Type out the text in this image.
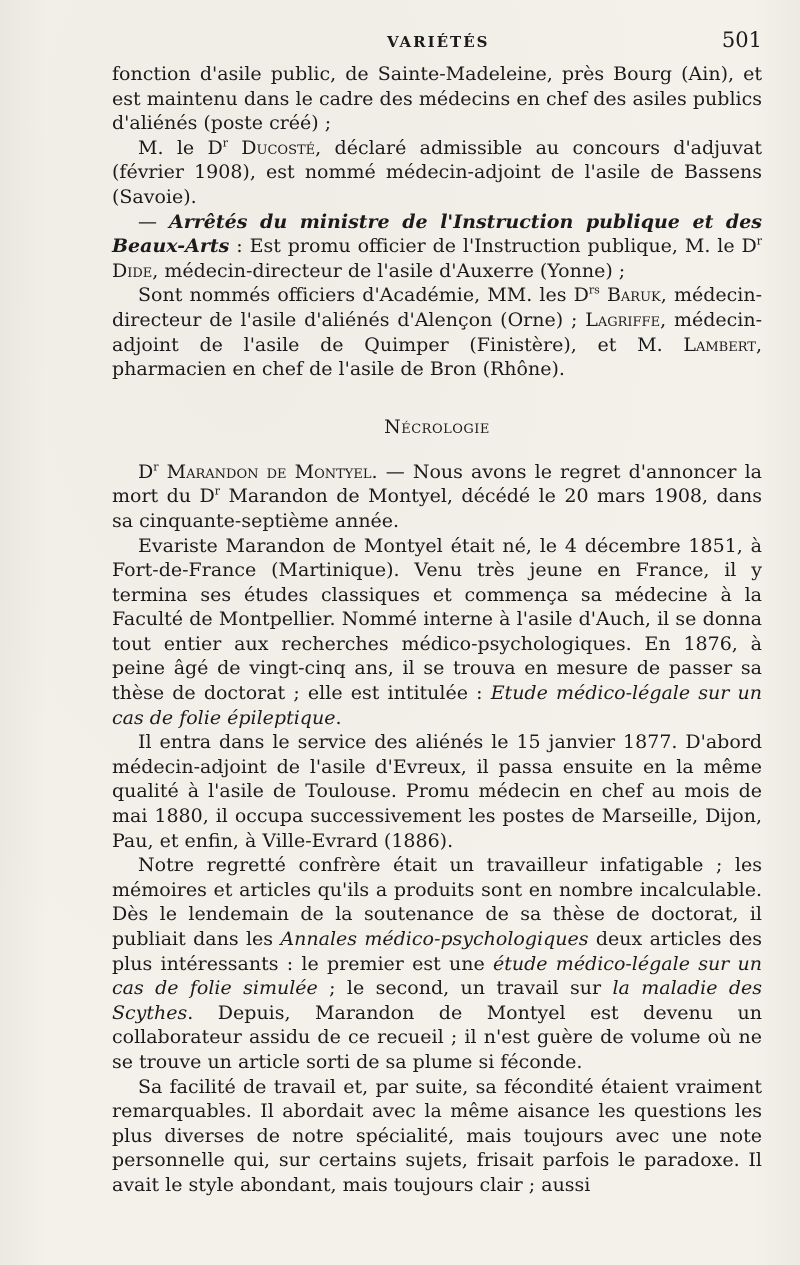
VARIÉTÉS	501

fonction d'asile public, de Sainte-Madeleine, près Bourg (Ain), et est maintenu dans le cadre des médecins en chef des asiles publics d'aliénés (poste créé) ;

M. le $D^r$ Ducosté, déclaré admissible au concours d'adjuvat (février 1908), est nommé médecin-adjoint de l'asile de Bassens (Savoie).

— Arrêtés du ministre de l'Instruction publique et des Beaux-Arts : Est promu officier de l'Instruction publique, M. le $D^r$ Dide, médecin-directeur de l'asile d'Auxerre (Yonne) ;

Sont nommés officiers d'Académie, MM. les $D^{rs}$ Baruk, médecin-directeur de l'asile d'aliénés d'Alençon (Orne) ; Lagriffe, médecin-adjoint de l'asile de Quimper (Finistère), et M. Lambert, pharmacien en chef de l'asile de Bron (Rhône).

Nécrologie

$D^r$ Marandon de Montyel. — Nous avons le regret d'annoncer la mort du $D^r$ Marandon de Montyel, décédé le 20 mars 1908, dans sa cinquante-septième année.

Evariste Marandon de Montyel était né, le 4 décembre 1851, à Fort-de-France (Martinique). Venu très jeune en France, il y termina ses études classiques et commença sa médecine à la Faculté de Montpellier. Nommé interne à l'asile d'Auch, il se donna tout entier aux recherches médico-psychologiques. En 1876, à peine âgé de vingt-cinq ans, il se trouva en mesure de passer sa thèse de doctorat ; elle est intitulée : Etude médico-légale sur un cas de folie épileptique.

Il entra dans le service des aliénés le 15 janvier 1877. D'abord médecin-adjoint de l'asile d'Evreux, il passa ensuite en la même qualité à l'asile de Toulouse. Promu médecin en chef au mois de mai 1880, il occupa successivement les postes de Marseille, Dijon, Pau, et enfin, à Ville-Evrard (1886).

Notre regretté confrère était un travailleur infatigable ; les mémoires et articles qu'ils a produits sont en nombre incalculable. Dès le lendemain de la soutenance de sa thèse de doctorat, il publiait dans les Annales médico-psychologiques deux articles des plus intéressants : le premier est une étude médico-légale sur un cas de folie simulée ; le second, un travail sur la maladie des Scythes. Depuis, Marandon de Montyel est devenu un collaborateur assidu de ce recueil ; il n'est guère de volume où ne se trouve un article sorti de sa plume si féconde.

Sa facilité de travail et, par suite, sa fécondité étaient vraiment remarquables. Il abordait avec la même aisance les questions les plus diverses de notre spécialité, mais toujours avec une note personnelle qui, sur certains sujets, frisait parfois le paradoxe. Il avait le style abondant, mais toujours clair ; aussi
